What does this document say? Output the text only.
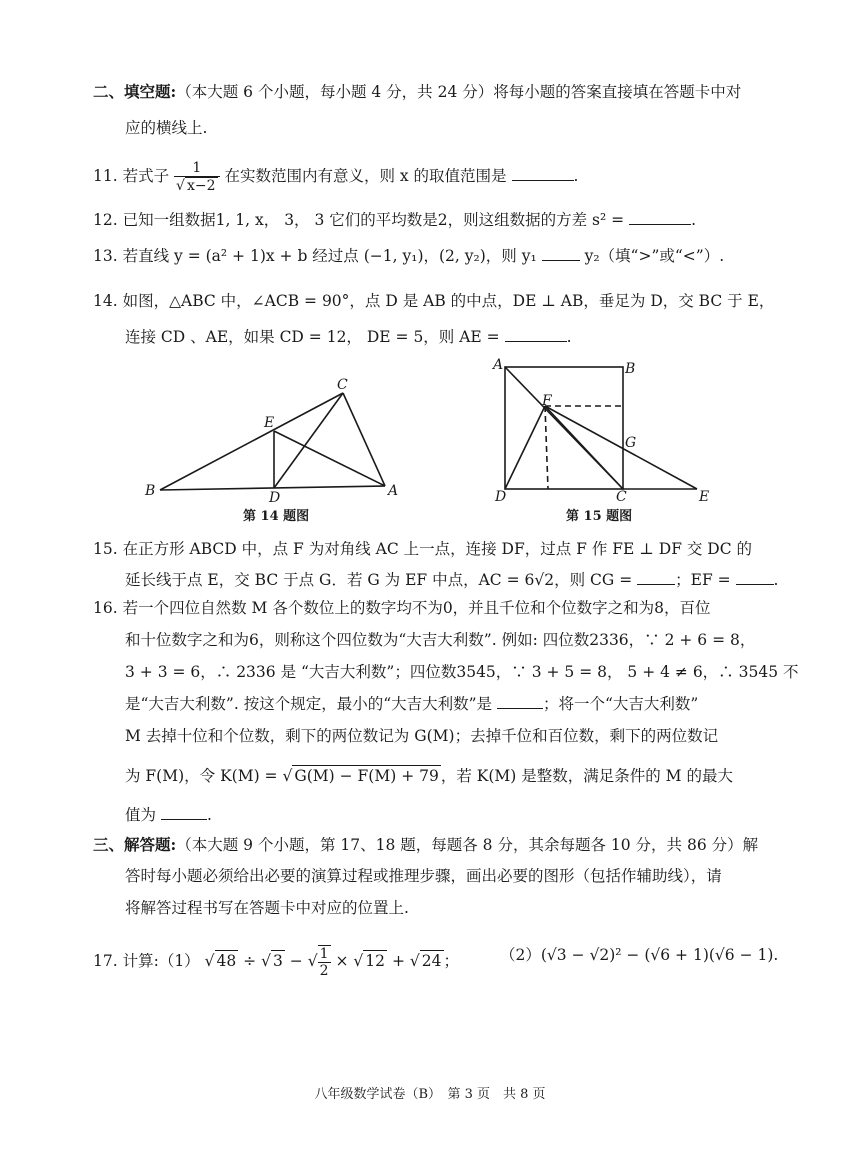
二、填空题:（本大题 6 个小题，每小题 4 分，共 24 分）将每小题的答案直接填在答题卡中对
应的横线上.
11. 若式子 $\frac{1}{√ x-2}$ 在实数范围内有意义，则 x 的取值范围是	.
12. 已知一组数据1, 1, x， 3， 3 它们的平均数是2，则这组数据的方差 s² =	.
13. 若直线 y = (a² + 1)x + b 经过点 (−1, y₁)，(2, y₂)，则 y₁	y₂（填“>”或“<”）.
14. 如图，△ABC 中，∠ACB = 90°，点 D 是 AB 的中点，DE ⊥ AB，垂足为 D，交 BC 于 E，
连接 CD 、AE，如果 CD = 12， DE = 5，则 AE =	.
B
C
E
D	A
第 14 题图
A	B
F
G
D	C	E
第 15 题图
15. 在正方形 ABCD 中，点 F 为对角线 AC 上一点，连接 DF，过点 F 作 FE ⊥ DF 交 DC 的
延长线于点 E，交 BC 于点 G．若 G 为 EF 中点，AC = 6√2，则 CG =	；EF =	.
16. 若一个四位自然数 M 各个数位上的数字均不为0，并且千位和个位数字之和为8，百位
和十位数字之和为6，则称这个四位数为“大吉大利数”. 例如: 四位数2336，∵ 2 + 6 = 8，
3 + 3 = 6，∴ 2336 是 “大吉大利数”；四位数3545，∵ 3 + 5 = 8， 5 + 4 ≠ 6，∴ 3545 不
是“大吉大利数”. 按这个规定，最小的“大吉大利数”是	；将一个“大吉大利数”
M 去掉十位和个位数，剩下的两位数记为 G(M)；去掉千位和百位数，剩下的两位数记
为 F(M)，令 K(M) = √ G(M) − F(M) + 79 ，若 K(M) 是整数，满足条件的 M 的最大
值为	.
三、解答题:（本大题 9 个小题，第 17、18 题，每题各 8 分，其余每题各 10 分，共 86 分）解
答时每小题必须给出必要的演算过程或推理步骤，画出必要的图形（包括作辅助线），请
将解答过程书写在答题卡中对应的位置上.
17. 计算:（1） √ 48 ÷ √ 3 − √ $\frac{1}{2}$ × √ 12 + √ 24 ；	（2）(√3 − √2)² − (√6 + 1)(√6 − 1).
八年级数学试卷（B）　第 3 页　共 8 页
